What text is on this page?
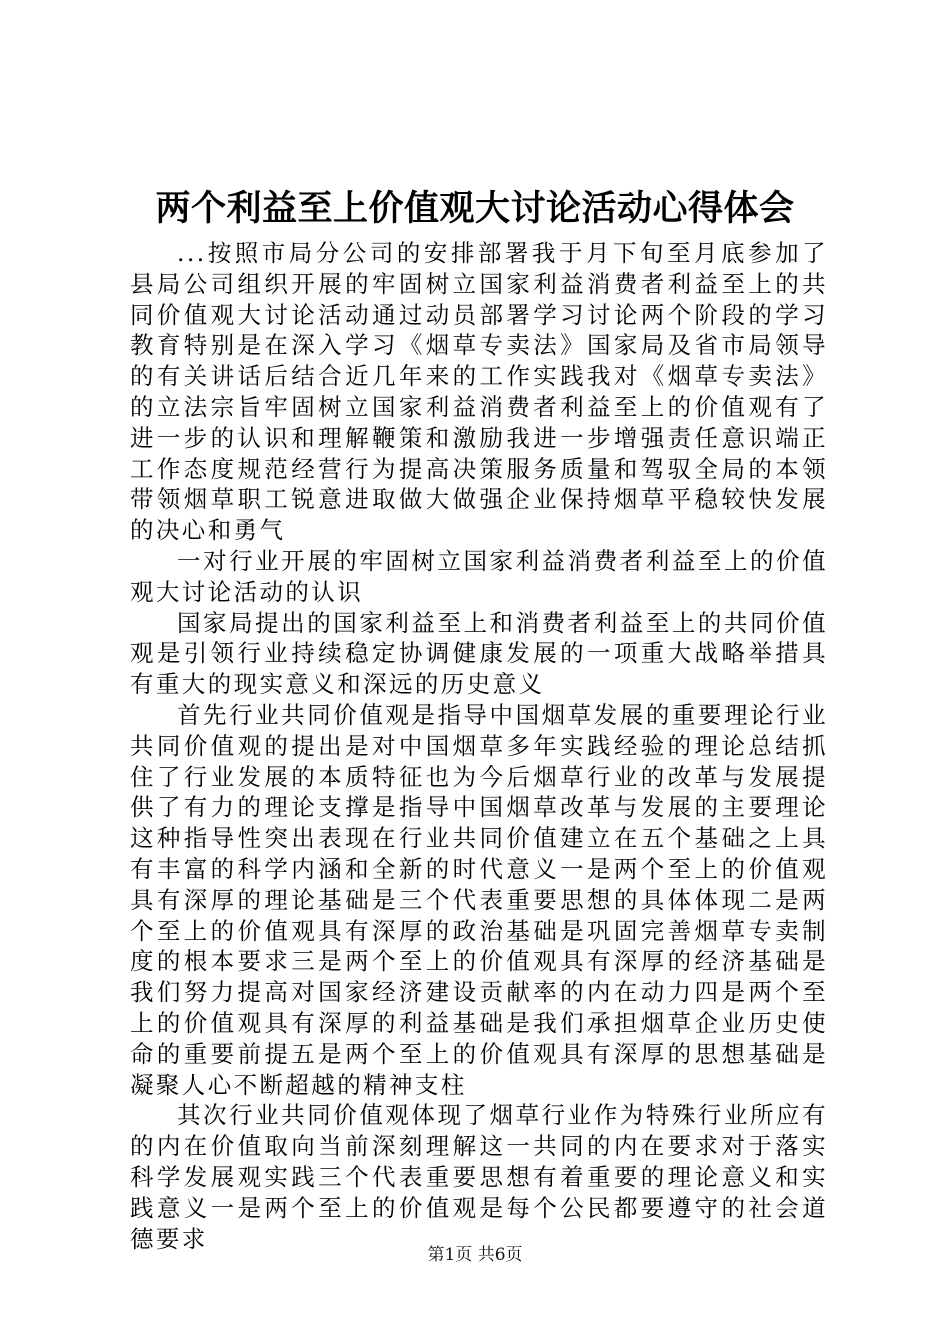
两个利益至上价值观大讨论活动心得体会

...按照市局分公司的安排部署我于月下旬至月底参加了县局公司组织开展的牢固树立国家利益消费者利益至上的共同价值观大讨论活动通过动员部署学习讨论两个阶段的学习教育特别是在深入学习《烟草专卖法》国家局及省市局领导的有关讲话后结合近几年来的工作实践我对《烟草专卖法》的立法宗旨牢固树立国家利益消费者利益至上的价值观有了进一步的认识和理解鞭策和激励我进一步增强责任意识端正工作态度规范经营行为提高决策服务质量和驾驭全局的本领带领烟草职工锐意进取做大做强企业保持烟草平稳较快发展的决心和勇气

一对行业开展的牢固树立国家利益消费者利益至上的价值观大讨论活动的认识

国家局提出的国家利益至上和消费者利益至上的共同价值观是引领行业持续稳定协调健康发展的一项重大战略举措具有重大的现实意义和深远的历史意义

首先行业共同价值观是指导中国烟草发展的重要理论行业共同价值观的提出是对中国烟草多年实践经验的理论总结抓住了行业发展的本质特征也为今后烟草行业的改革与发展提供了有力的理论支撑是指导中国烟草改革与发展的主要理论这种指导性突出表现在行业共同价值建立在五个基础之上具有丰富的科学内涵和全新的时代意义一是两个至上的价值观具有深厚的理论基础是三个代表重要思想的具体体现二是两个至上的价值观具有深厚的政治基础是巩固完善烟草专卖制度的根本要求三是两个至上的价值观具有深厚的经济基础是我们努力提高对国家经济建设贡献率的内在动力四是两个至上的价值观具有深厚的利益基础是我们承担烟草企业历史使命的重要前提五是两个至上的价值观具有深厚的思想基础是凝聚人心不断超越的精神支柱

其次行业共同价值观体现了烟草行业作为特殊行业所应有的内在价值取向当前深刻理解这一共同的内在要求对于落实科学发展观实践三个代表重要思想有着重要的理论意义和实践意义一是两个至上的价值观是每个公民都要遵守的社会道德要求

第1页 共6页
